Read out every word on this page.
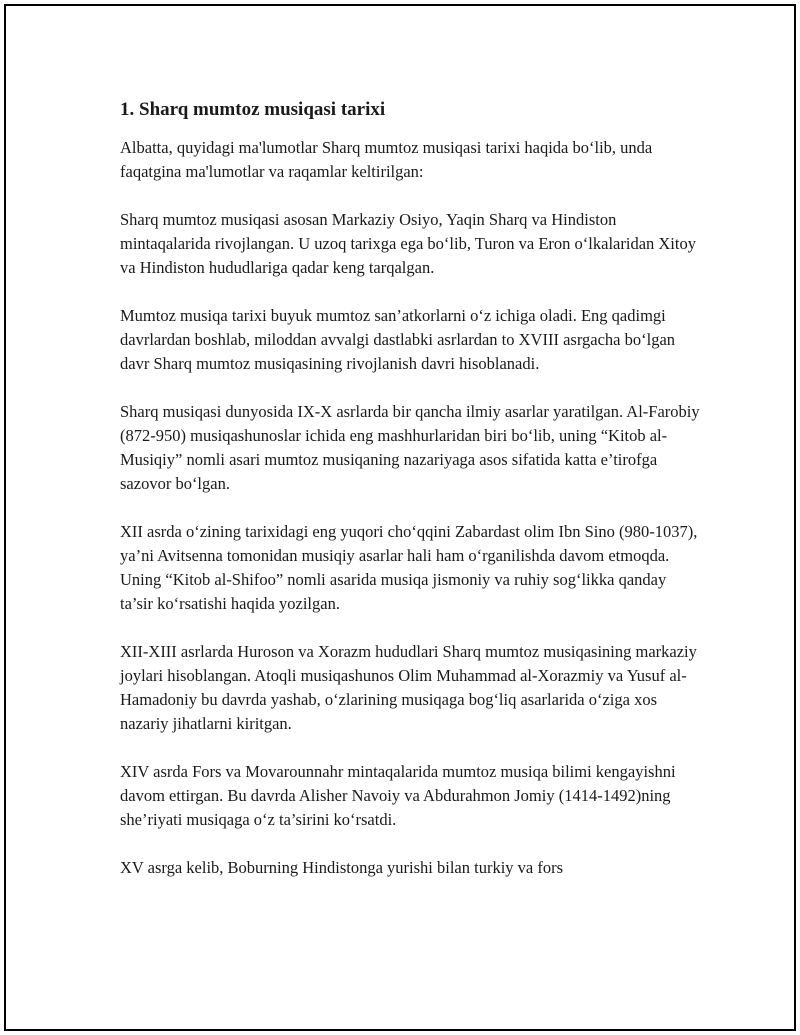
1. Sharq mumtoz musiqasi tarixi

Albatta, quyidagi ma'lumotlar Sharq mumtoz musiqasi tarixi haqida bo‘lib, unda faqatgina ma'lumotlar va raqamlar keltirilgan:

Sharq mumtoz musiqasi asosan Markaziy Osiyo, Yaqin Sharq va Hindiston mintaqalarida rivojlangan. U uzoq tarixga ega bo‘lib, Turon va Eron o‘lkalaridan Xitoy va Hindiston hududlariga qadar keng tarqalgan.

Mumtoz musiqa tarixi buyuk mumtoz san’atkorlarni o‘z ichiga oladi. Eng qadimgi davrlardan boshlab, miloddan avvalgi dastlabki asrlardan to XVIII asrgacha bo‘lgan davr Sharq mumtoz musiqasining rivojlanish davri hisoblanadi.

Sharq musiqasi dunyosida IX-X asrlarda bir qancha ilmiy asarlar yaratilgan. Al-Farobiy (872-950) musiqashunoslar ichida eng mashhurlaridan biri bo‘lib, uning “Kitob al-Musiqiy” nomli asari mumtoz musiqaning nazariyaga asos sifatida katta e’tirofga sazovor bo‘lgan.

XII asrda o‘zining tarixidagi eng yuqori cho‘qqini Zabardast olim Ibn Sino (980-1037), ya’ni Avitsenna tomonidan musiqiy asarlar hali ham o‘rganilishda davom etmoqda. Uning “Kitob al-Shifoo” nomli asarida musiqa jismoniy va ruhiy sog‘likka qanday ta’sir ko‘rsatishi haqida yozilgan.

XII-XIII asrlarda Huroson va Xorazm hududlari Sharq mumtoz musiqasining markaziy joylari hisoblangan. Atoqli musiqashunos Olim Muhammad al-Xorazmiy va Yusuf al-Hamadoniy bu davrda yashab, o‘zlarining musiqaga bog‘liq asarlarida o‘ziga xos nazariy jihatlarni kiritgan.

XIV asrda Fors va Movarounnahr mintaqalarida mumtoz musiqa bilimi kengayishni davom ettirgan. Bu davrda Alisher Navoiy va Abdurahmon Jomiy (1414-1492)ning she’riyati musiqaga o‘z ta’sirini ko‘rsatdi.

XV asrga kelib, Boburning Hindistonga yurishi bilan turkiy va fors
